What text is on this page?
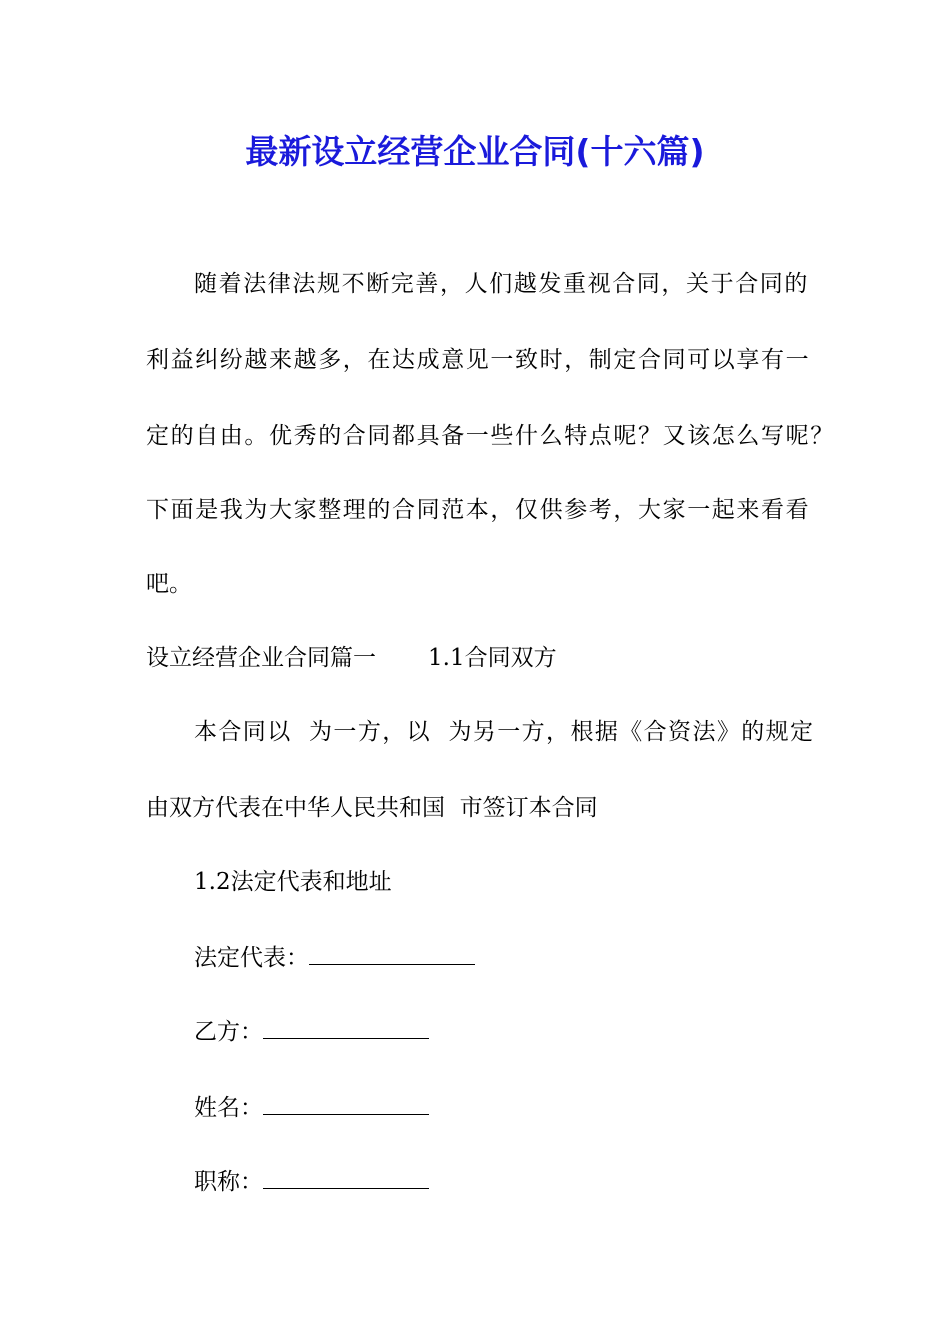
最新设立经营企业合同(十六篇)
随着法律法规不断完善，人们越发重视合同，关于合同的
利益纠纷越来越多，在达成意见一致时，制定合同可以享有一
定的自由。优秀的合同都具备一些什么特点呢？又该怎么写呢？
下面是我为大家整理的合同范本，仅供参考，大家一起来看看
吧。
设立经营企业合同篇一 1.1合同双方
本合同以  为一方，以  为另一方，根据《合资法》的规定
由双方代表在中华人民共和国  市签订本合同
1.2法定代表和地址
法定代表：
乙方：
姓名：
职称：
